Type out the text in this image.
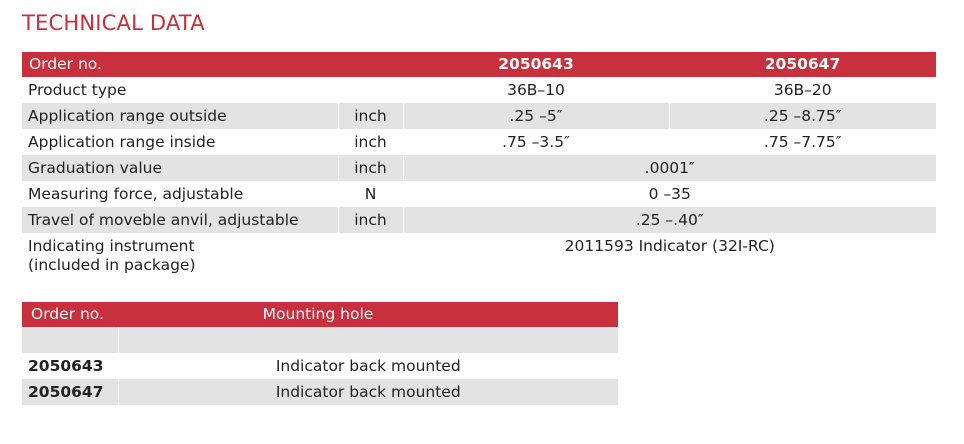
TECHNICAL DATA
Order no.		2050643	2050647
Product type		36B–10	36B–20
Application range outside	inch	.25 –5″	.25 –8.75″
Application range inside	inch	.75 –3.5″	.75 –7.75″
Graduation value	inch	.0001″	
Measuring force, adjustable	N	0 –35	
Travel of moveble anvil, adjustable	inch	.25 –.40″	

Indicating instrument
(included in package)		2011593 Indicator (32I-RC)	
Order no.	Mounting hole

2050643	Indicator back mounted
2050647	Indicator back mounted
